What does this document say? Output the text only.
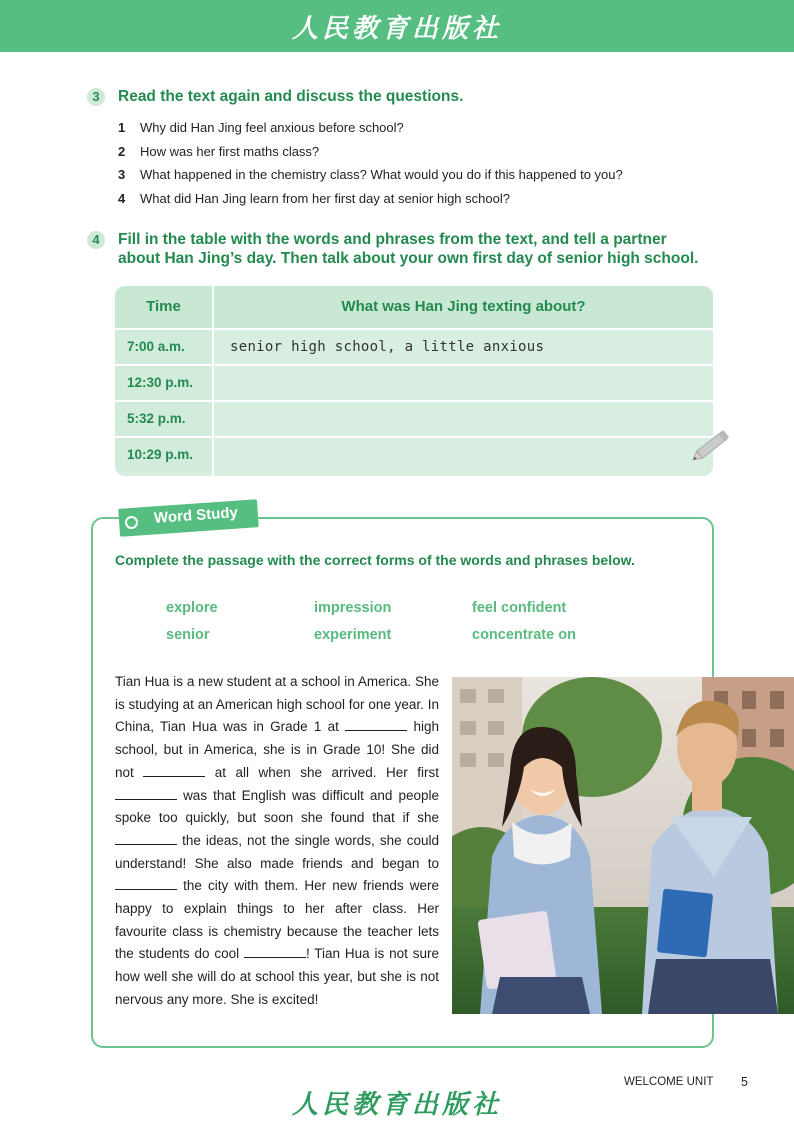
人民教育出版社
3	Read the text again and discuss the questions.
1 Why did Han Jing feel anxious before school?
2 How was her first maths class?
3 What happened in the chemistry class? What would you do if this happened to you?
4 What did Han Jing learn from her first day at senior high school?
4	Fill in the table with the words and phrases from the text, and tell a partner
about Han Jing’s day. Then talk about your own first day of senior high school.
Time	What was Han Jing texting about?
7:00 a.m.	senior high school, a little anxious
12:30 p.m.
5:32 p.m.
10:29 p.m.
Word Study
Complete the passage with the correct forms of the words and phrases below.
explore	impression	feel confident
senior	experiment	concentrate on
Tian Hua is a new student at a school in America. She is studying at an American high school for one year. In China, Tian Hua was in Grade 1 at	high school, but in America, she is in Grade 10! She did not	at all when she arrived. Her first  was that English was difficult and people spoke too quickly, but soon she found that if she  the ideas, not the single words, she could understand! She also made friends and began to  the city with them. Her new friends were happy to explain things to her after class. Her favourite class is chemistry because the teacher lets the students do cool	! Tian Hua is not sure how well she will do at school this year, but she is not nervous any more. She is excited!
WELCOME UNIT 5
人民教育出版社
